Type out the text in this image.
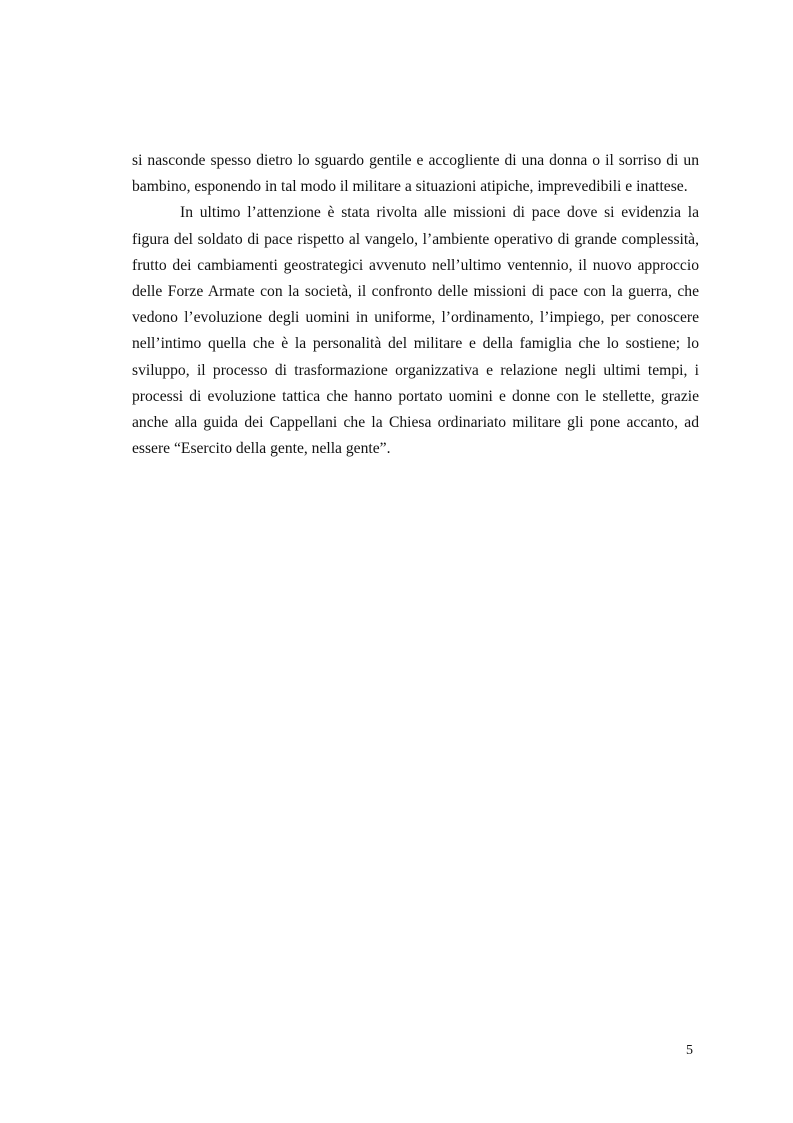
si nasconde spesso dietro lo sguardo gentile e accogliente di una donna o il sorriso di un bambino, esponendo in tal modo il militare a situazioni atipiche, imprevedibili e inattese.

In ultimo l’attenzione è stata rivolta alle missioni di pace dove si evidenzia la figura del soldato di pace rispetto al vangelo, l’ambiente operativo di grande complessità, frutto dei cambiamenti geostrategici avvenuto nell’ultimo ventennio, il nuovo approccio delle Forze Armate con la società, il confronto delle missioni di pace con la guerra, che vedono l’evoluzione degli uomini in uniforme, l’ordinamento, l’impiego, per conoscere nell’intimo quella che è la personalità del militare e della famiglia che lo sostiene; lo sviluppo, il processo di trasformazione organizzativa e relazione negli ultimi tempi, i processi di evoluzione tattica che hanno portato uomini e donne con le stellette, grazie anche alla guida dei Cappellani che la Chiesa ordinariato militare gli pone accanto, ad essere “Esercito della gente, nella gente”.

5
